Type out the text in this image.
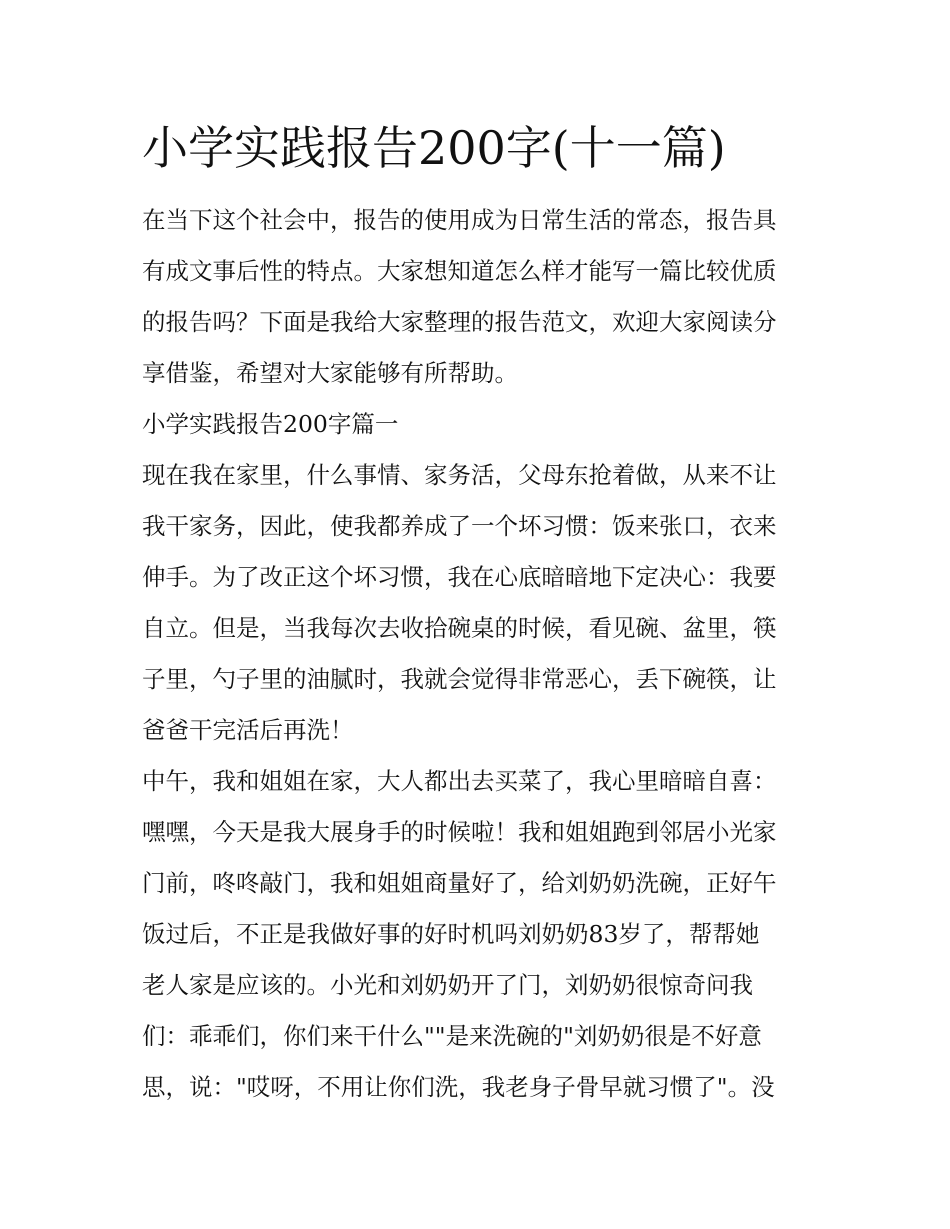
小学实践报告200字(十一篇)
在当下这个社会中，报告的使用成为日常生活的常态，报告具
有成文事后性的特点。大家想知道怎么样才能写一篇比较优质
的报告吗？下面是我给大家整理的报告范文，欢迎大家阅读分
享借鉴，希望对大家能够有所帮助。
小学实践报告200字篇一
现在我在家里，什么事情、家务活，父母东抢着做，从来不让
我干家务，因此，使我都养成了一个坏习惯：饭来张口，衣来
伸手。为了改正这个坏习惯，我在心底暗暗地下定决心：我要
自立。但是，当我每次去收拾碗桌的时候，看见碗、盆里，筷
子里，勺子里的油腻时，我就会觉得非常恶心，丢下碗筷，让
爸爸干完活后再洗！
中午，我和姐姐在家，大人都出去买菜了，我心里暗暗自喜：
嘿嘿，今天是我大展身手的时候啦！我和姐姐跑到邻居小光家
门前，咚咚敲门，我和姐姐商量好了，给刘奶奶洗碗，正好午
饭过后，不正是我做好事的好时机吗刘奶奶83岁了，帮帮她
老人家是应该的。小光和刘奶奶开了门，刘奶奶很惊奇问我
们：乖乖们，你们来干什么""是来洗碗的"刘奶奶很是不好意
思，说："哎呀，不用让你们洗，我老身子骨早就习惯了"。没
